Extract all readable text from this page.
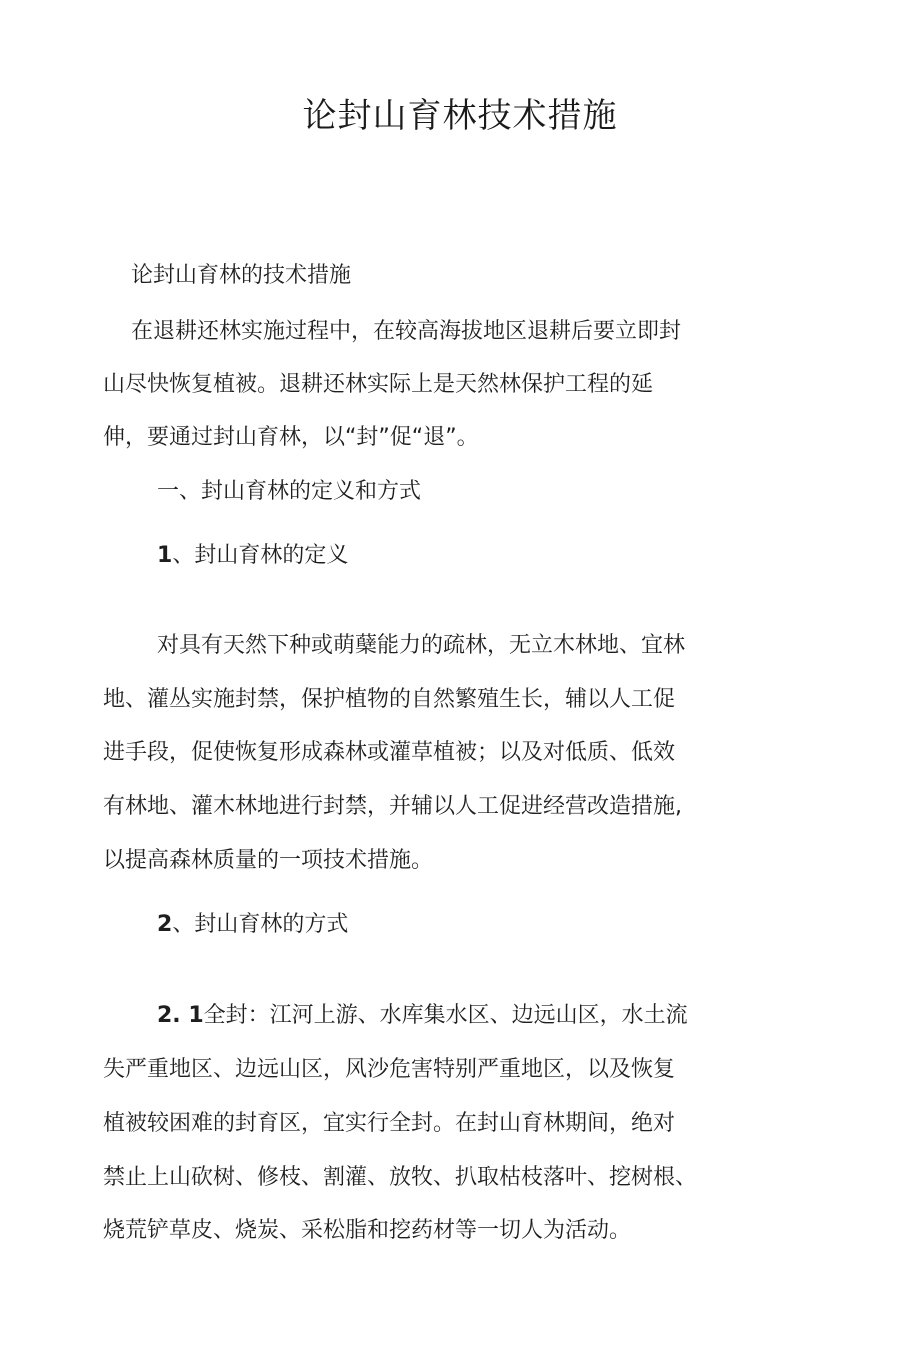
论封山育林技术措施
论封山育林的技术措施
在退耕还林实施过程中，在较高海拔地区退耕后要立即封
山尽快恢复植被。退耕还林实际上是天然林保护工程的延
伸，要通过封山育林，以“封”促“退”。
一、封山育林的定义和方式
1、封山育林的定义
对具有天然下种或萌蘖能力的疏林，无立木林地、宜林
地、灌丛实施封禁，保护植物的自然繁殖生长，辅以人工促
进手段，促使恢复形成森林或灌草植被；以及对低质、低效
有林地、灌木林地进行封禁，并辅以人工促进经营改造措施,
以提高森林质量的一项技术措施。
2、封山育林的方式
2. 1全封：江河上游、水库集水区、边远山区，水土流
失严重地区、边远山区，风沙危害特别严重地区，以及恢复
植被较困难的封育区，宜实行全封。在封山育林期间，绝对
禁止上山砍树、修枝、割灌、放牧、扒取枯枝落叶、挖树根、
烧荒铲草皮、烧炭、采松脂和挖药材等一切人为活动。
